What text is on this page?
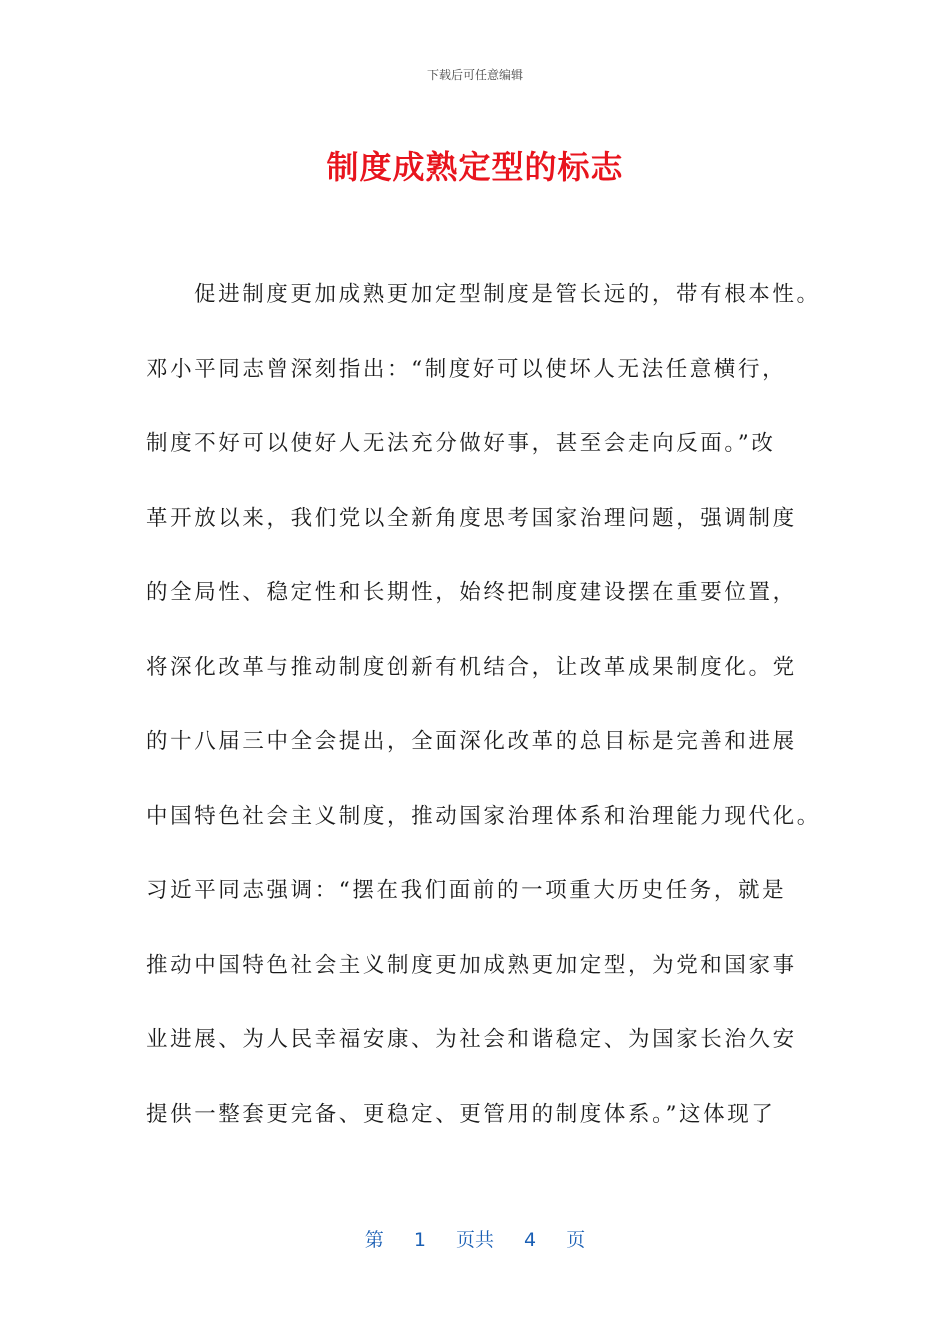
下载后可任意编辑
制度成熟定型的标志
促进制度更加成熟更加定型制度是管长远的，带有根本性。
邓小平同志曾深刻指出：“制度好可以使坏人无法任意横行，
制度不好可以使好人无法充分做好事，甚至会走向反面。”改
革开放以来，我们党以全新角度思考国家治理问题，强调制度
的全局性、稳定性和长期性，始终把制度建设摆在重要位置，
将深化改革与推动制度创新有机结合，让改革成果制度化。党
的十八届三中全会提出，全面深化改革的总目标是完善和进展
中国特色社会主义制度，推动国家治理体系和治理能力现代化。
习近平同志强调：“摆在我们面前的一项重大历史任务，就是
推动中国特色社会主义制度更加成熟更加定型，为党和国家事
业进展、为人民幸福安康、为社会和谐稳定、为国家长治久安
提供一整套更完备、更稳定、更管用的制度体系。”这体现了
第 1 页共 4 页
